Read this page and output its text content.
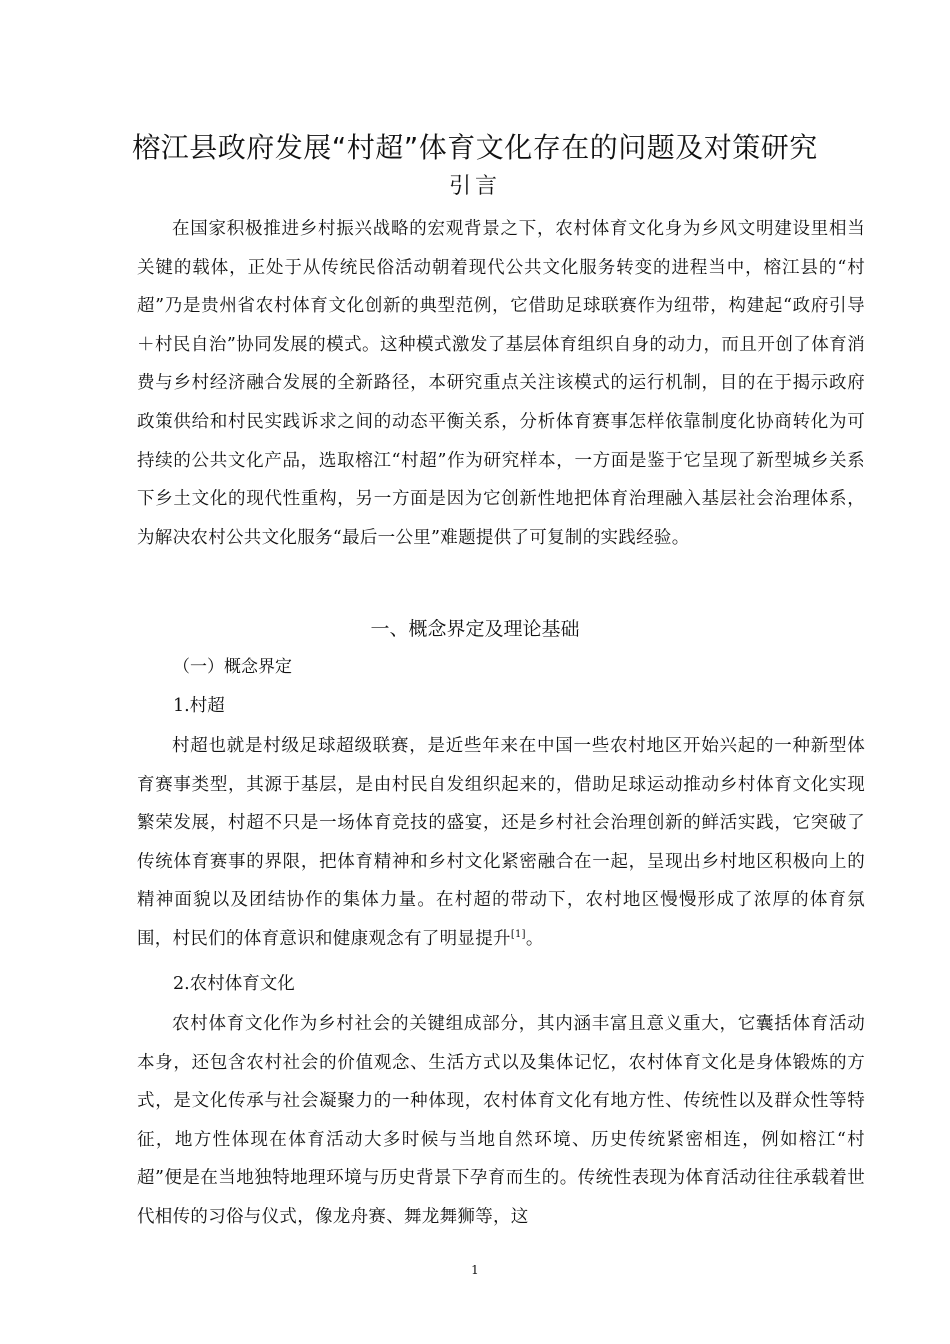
榕江县政府发展“村超”体育文化存在的问题及对策研究
引言

在国家积极推进乡村振兴战略的宏观背景之下，农村体育文化身为乡风文明建设里相当关键的载体，正处于从传统民俗活动朝着现代公共文化服务转变的进程当中，榕江县的“村超”乃是贵州省农村体育文化创新的典型范例，它借助足球联赛作为纽带，构建起“政府引导 ＋村民自治”协同发展的模式。这种模式激发了基层体育组织自身的动力，而且开创了体育消费与乡村经济融合发展的全新路径，本研究重点关注该模式的运行机制，目的在于揭示政府政策供给和村民实践诉求之间的动态平衡关系，分析体育赛事怎样依靠制度化协商转化为可持续的公共文化产品，选取榕江“村超”作为研究样本，一方面是鉴于它呈现了新型城乡关系下乡土文化的现代性重构，另一方面是因为它创新性地把体育治理融入基层社会治理体系，为解决农村公共文化服务“最后一公里”难题提供了可复制的实践经验。

一、概念界定及理论基础
（一）概念界定
1.村超

村超也就是村级足球超级联赛，是近些年来在中国一些农村地区开始兴起的一种新型体育赛事类型，其源于基层，是由村民自发组织起来的，借助足球运动推动乡村体育文化实现繁荣发展，村超不只是一场体育竞技的盛宴，还是乡村社会治理创新的鲜活实践，它突破了传统体育赛事的界限，把体育精神和乡村文化紧密融合在一起，呈现出乡村地区积极向上的精神面貌以及团结协作的集体力量。在村超的带动下，农村地区慢慢形成了浓厚的体育氛围，村民们的体育意识和健康观念有了明显提升[1]。

2.农村体育文化

农村体育文化作为乡村社会的关键组成部分，其内涵丰富且意义重大，它囊括体育活动本身，还包含农村社会的价值观念、生活方式以及集体记忆，农村体育文化是身体锻炼的方式，是文化传承与社会凝聚力的一种体现，农村体育文化有地方性、传统性以及群众性等特征，地方性体现在体育活动大多时候与当地自然环境、历史传统紧密相连，例如榕江“村超”便是在当地独特地理环境与历史背景下孕育而生的。传统性表现为体育活动往往承载着世代相传的习俗与仪式，像龙舟赛、舞龙舞狮等，这

1
